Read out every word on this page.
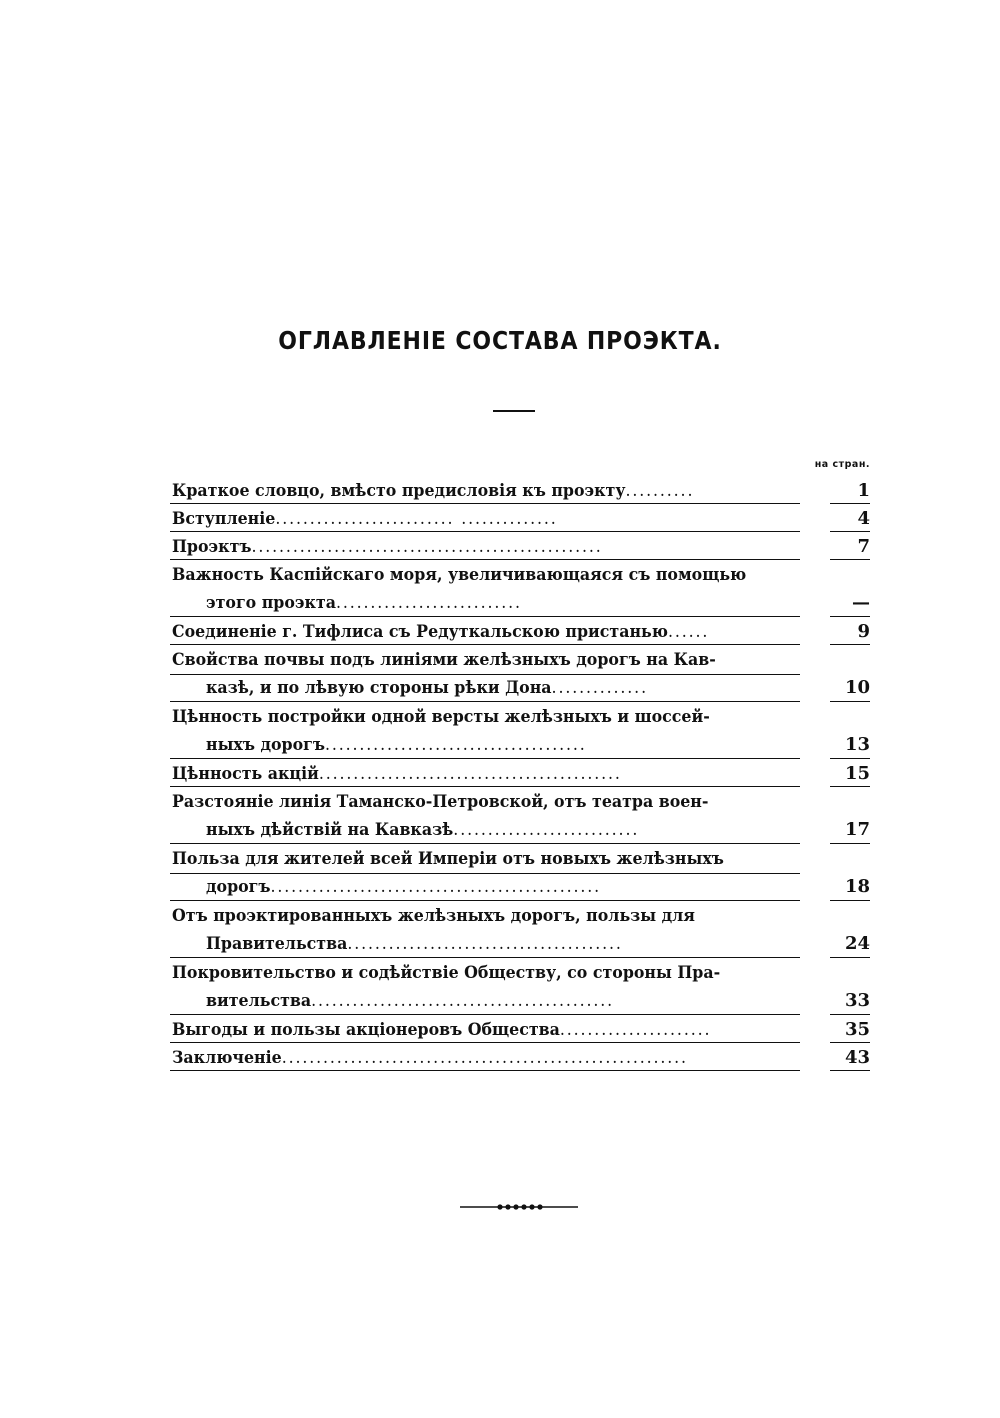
ОГЛАВЛЕНІЕ СОСТАВА ПРОЭКТА.
на стран.
Краткое словцо, вмѣсто предисловія къ проэкту..........	1
Вступленіе.......................... ..............	4
Проэктъ...................................................	7
Важность Каспійскаго моря, увеличивающаяся съ помощью
этого проэкта...........................	—
Соединеніе г. Тифлиса съ Редуткальскою пристанью......	9
Свойства почвы подъ линіями желѣзныхъ дорогъ на Кав-
казѣ, и по лѣвую стороны рѣки Дона..............	10
Цѣнность постройки одной версты желѣзныхъ и шоссей-
ныхъ дорогъ......................................	13
Цѣнность акцій............................................	15
Разстояніе линія Таманско-Петровской, отъ театра воен-
ныхъ дѣйствій на Кавказѣ...........................	17
Польза для жителей всей Имперіи отъ новыхъ желѣзныхъ
дорогъ................................................	18
Отъ проэктированныхъ желѣзныхъ дорогъ, пользы для
Правительства........................................	24
Покровительство и содѣйствіе Обществу, со стороны Пра-
вительства............................................	33
Выгоды и пользы акціонеровъ Общества......................	35
Заключеніе...........................................................	43
